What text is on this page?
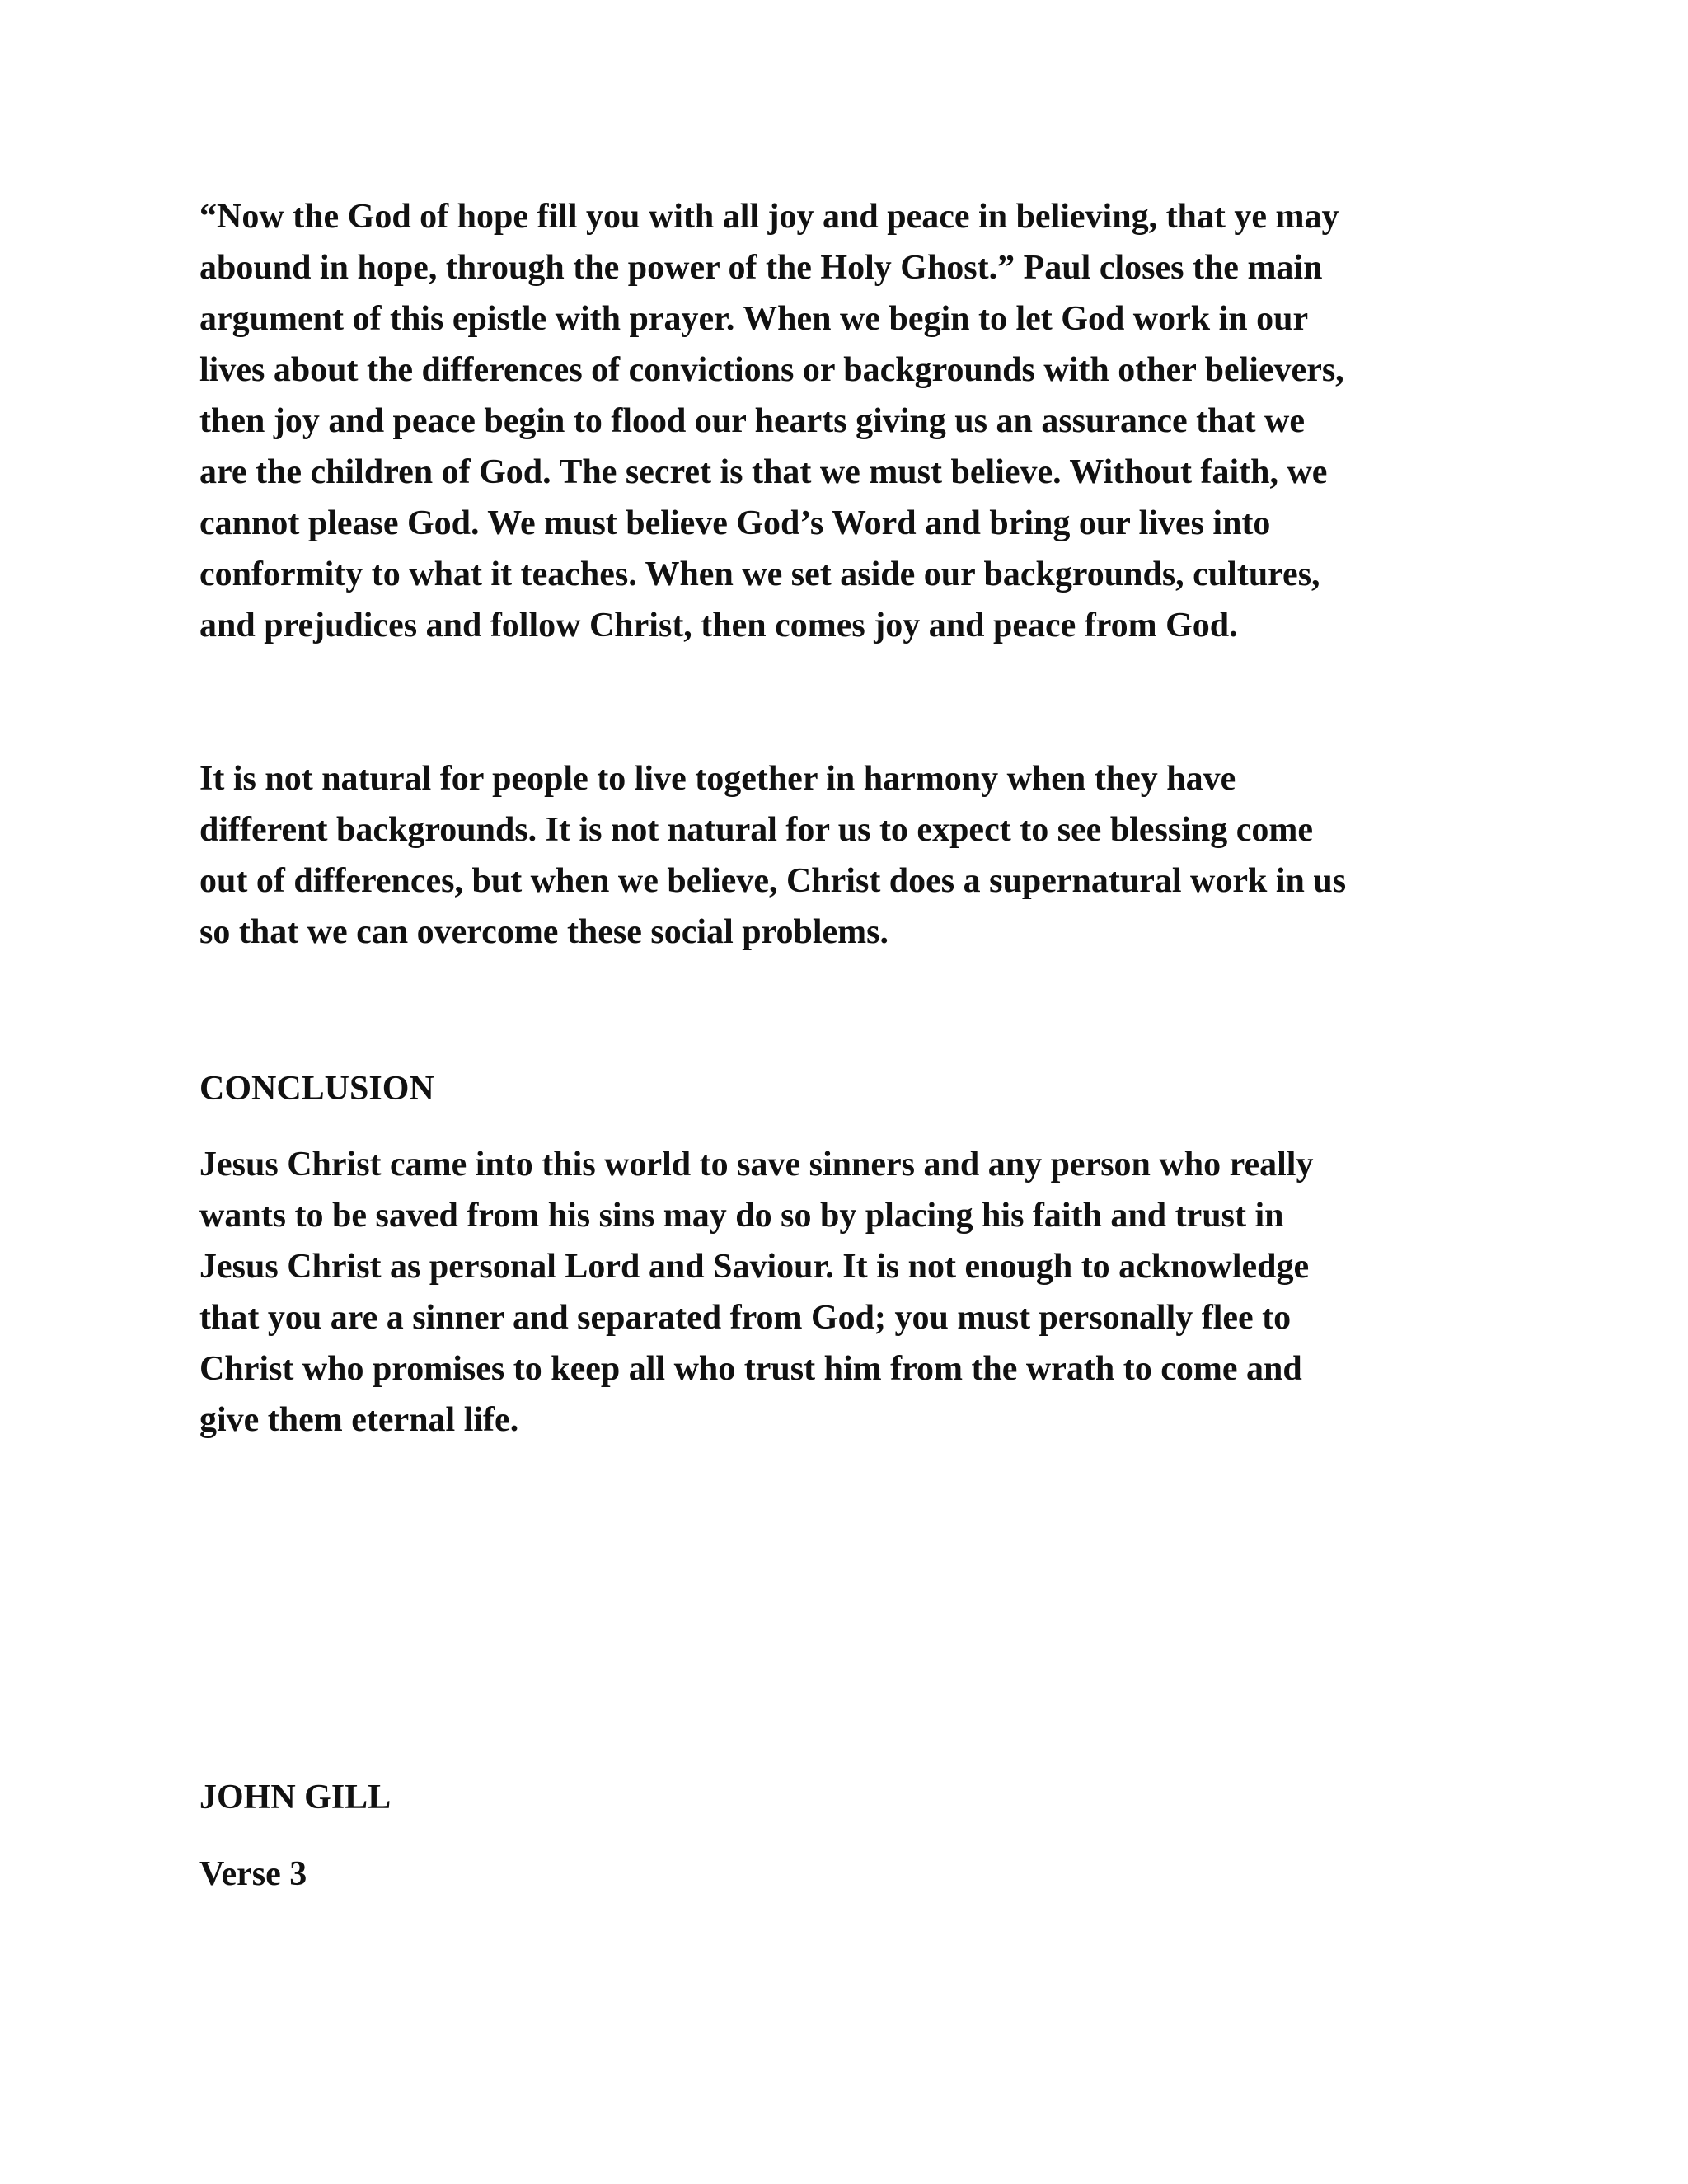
“Now the God of hope fill you with all joy and peace in believing, that ye may
abound in hope, through the power of the Holy Ghost.” Paul closes the main
argument of this epistle with prayer. When we begin to let God work in our
lives about the differences of convictions or backgrounds with other believers,
then joy and peace begin to flood our hearts giving us an assurance that we
are the children of God. The secret is that we must believe. Without faith, we
cannot please God. We must believe God’s Word and bring our lives into
conformity to what it teaches. When we set aside our backgrounds, cultures,
and prejudices and follow Christ, then comes joy and peace from God.
It is not natural for people to live together in harmony when they have
different backgrounds. It is not natural for us to expect to see blessing come
out of differences, but when we believe, Christ does a supernatural work in us
so that we can overcome these social problems.
CONCLUSION
Jesus Christ came into this world to save sinners and any person who really
wants to be saved from his sins may do so by placing his faith and trust in
Jesus Christ as personal Lord and Saviour. It is not enough to acknowledge
that you are a sinner and separated from God; you must personally flee to
Christ who promises to keep all who trust him from the wrath to come and
give them eternal life.
JOHN GILL
Verse 3
